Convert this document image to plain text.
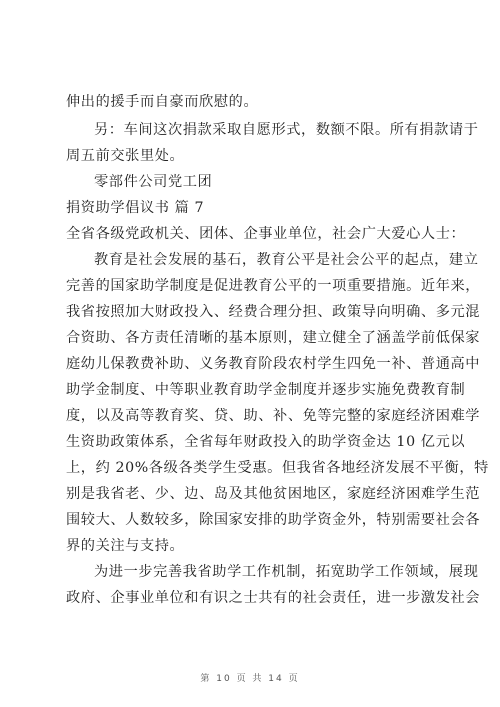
伸出的援手而自豪而欣慰的。
另：车间这次捐款采取自愿形式，数额不限。所有捐款请于
周五前交张里处。
零部件公司党工团
捐资助学倡议书 篇 7
全省各级党政机关、团体、企事业单位，社会广大爱心人士：
教育是社会发展的基石，教育公平是社会公平的起点，建立
完善的国家助学制度是促进教育公平的一项重要措施。近年来，
我省按照加大财政投入、经费合理分担、政策导向明确、多元混
合资助、各方责任清晰的基本原则，建立健全了涵盖学前低保家
庭幼儿保教费补助、义务教育阶段农村学生四免一补、普通高中
助学金制度、中等职业教育助学金制度并逐步实施免费教育制
度，以及高等教育奖、贷、助、补、免等完整的家庭经济困难学
生资助政策体系，全省每年财政投入的助学资金达 10 亿元以
上，约 20%各级各类学生受惠。但我省各地经济发展不平衡，特
别是我省老、少、边、岛及其他贫困地区，家庭经济困难学生范
围较大、人数较多，除国家安排的助学资金外，特别需要社会各
界的关注与支持。
为进一步完善我省助学工作机制，拓宽助学工作领域，展现
政府、企事业单位和有识之士共有的社会责任，进一步激发社会
第 10 页 共 14 页
